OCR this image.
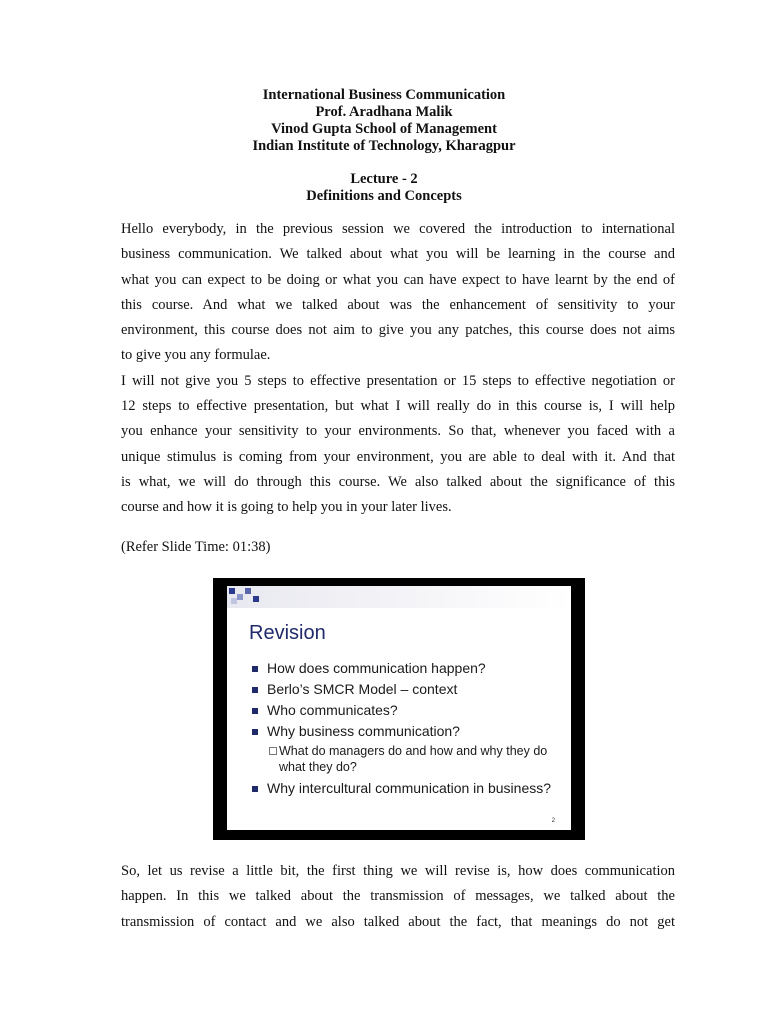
International Business Communication
Prof. Aradhana Malik
Vinod Gupta School of Management
Indian Institute of Technology, Kharagpur
Lecture - 2
Definitions and Concepts
Hello everybody, in the previous session we covered the introduction to international
business communication. We talked about what you will be learning in the course and
what you can expect to be doing or what you can have expect to have learnt by the end of
this course. And what we talked about was the enhancement of sensitivity to your
environment, this course does not aim to give you any patches, this course does not aims
to give you any formulae.
I will not give you 5 steps to effective presentation or 15 steps to effective negotiation or
12 steps to effective presentation, but what I will really do in this course is, I will help
you enhance your sensitivity to your environments. So that, whenever you faced with a
unique stimulus is coming from your environment, you are able to deal with it. And that
is what, we will do through this course. We also talked about the significance of this
course and how it is going to help you in your later lives.
(Refer Slide Time: 01:38)
Revision
How does communication happen?
Berlo’s SMCR Model – context
Who communicates?
Why business communication?
What do managers do and how and why they do what they do?
Why intercultural communication in business?
2
So, let us revise a little bit, the first thing we will revise is, how does communication
happen. In this we talked about the transmission of messages, we talked about the
transmission of contact and we also talked about the fact, that meanings do not get
